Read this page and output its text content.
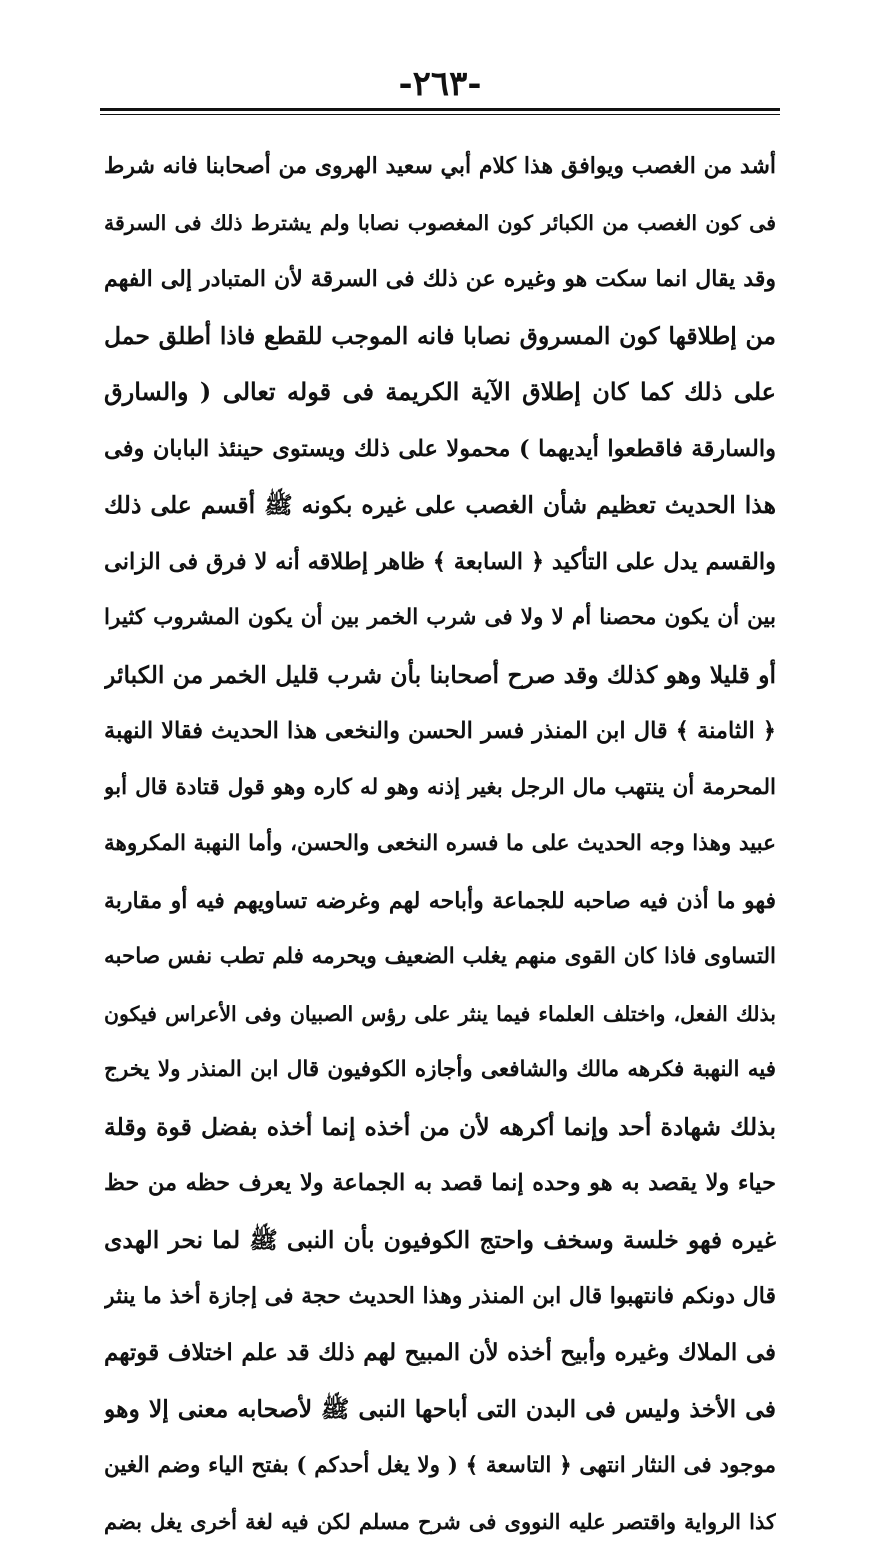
-٢٦٣-
أشد من الغصب ويوافق هذا كلام أبي سعيد الهروى من أصحابنا فانه شرط
فى كون الغصب من الكبائر كون المغصوب نصابا ولم يشترط ذلك فى السرقة
وقد يقال انما سكت هو وغيره عن ذلك فى السرقة لأن المتبادر إلى الفهم
من إطلاقها كون المسروق نصابا فانه الموجب للقطع فاذا أطلق حمل
على ذلك كما كان إطلاق الآية الكريمة فى قوله تعالى ( والسارق
والسارقة فاقطعوا أيديهما ) محمولا على ذلك ويستوى حينئذ البابان وفى
هذا الحديث تعظيم شأن الغصب على غيره بكونه ﷺ أقسم على ذلك
والقسم يدل على التأكيد ﴿ السابعة ﴾ ظاهر إطلاقه أنه لا فرق فى الزانى
بين أن يكون محصنا أم لا ولا فى شرب الخمر بين أن يكون المشروب كثيرا
أو قليلا وهو كذلك وقد صرح أصحابنا بأن شرب قليل الخمر من الكبائر
﴿ الثامنة ﴾ قال ابن المنذر فسر الحسن والنخعى هذا الحديث فقالا النهبة
المحرمة أن ينتهب مال الرجل بغير إذنه وهو له كاره وهو قول قتادة قال أبو
عبيد وهذا وجه الحديث على ما فسره النخعى والحسن، وأما النهبة المكروهة
فهو ما أذن فيه صاحبه للجماعة وأباحه لهم وغرضه تساويهم فيه أو مقاربة
التساوى فاذا كان القوى منهم يغلب الضعيف ويحرمه فلم تطب نفس صاحبه
بذلك الفعل، واختلف العلماء فيما ينثر على رؤس الصبيان وفى الأعراس فيكون
فيه النهبة فكرهه مالك والشافعى وأجازه الكوفيون قال ابن المنذر ولا يخرج
بذلك شهادة أحد وإنما أكرهه لأن من أخذه إنما أخذه بفضل قوة وقلة
حياء ولا يقصد به هو وحده إنما قصد به الجماعة ولا يعرف حظه من حظ
غيره فهو خلسة وسخف واحتج الكوفيون بأن النبى ﷺ لما نحر الهدى
قال دونكم فانتهبوا قال ابن المنذر وهذا الحديث حجة فى إجازة أخذ ما ينثر
فى الملاك وغيره وأبيح أخذه لأن المبيح لهم ذلك قد علم اختلاف قوتهم
فى الأخذ وليس فى البدن التى أباحها النبى ﷺ لأصحابه معنى إلا وهو
موجود فى النثار انتهى ﴿ التاسعة ﴾ ( ولا يغل أحدكم ) بفتح الياء وضم الغين
كذا الرواية واقتصر عليه النووى فى شرح مسلم لكن فيه لغة أخرى يغل بضم
